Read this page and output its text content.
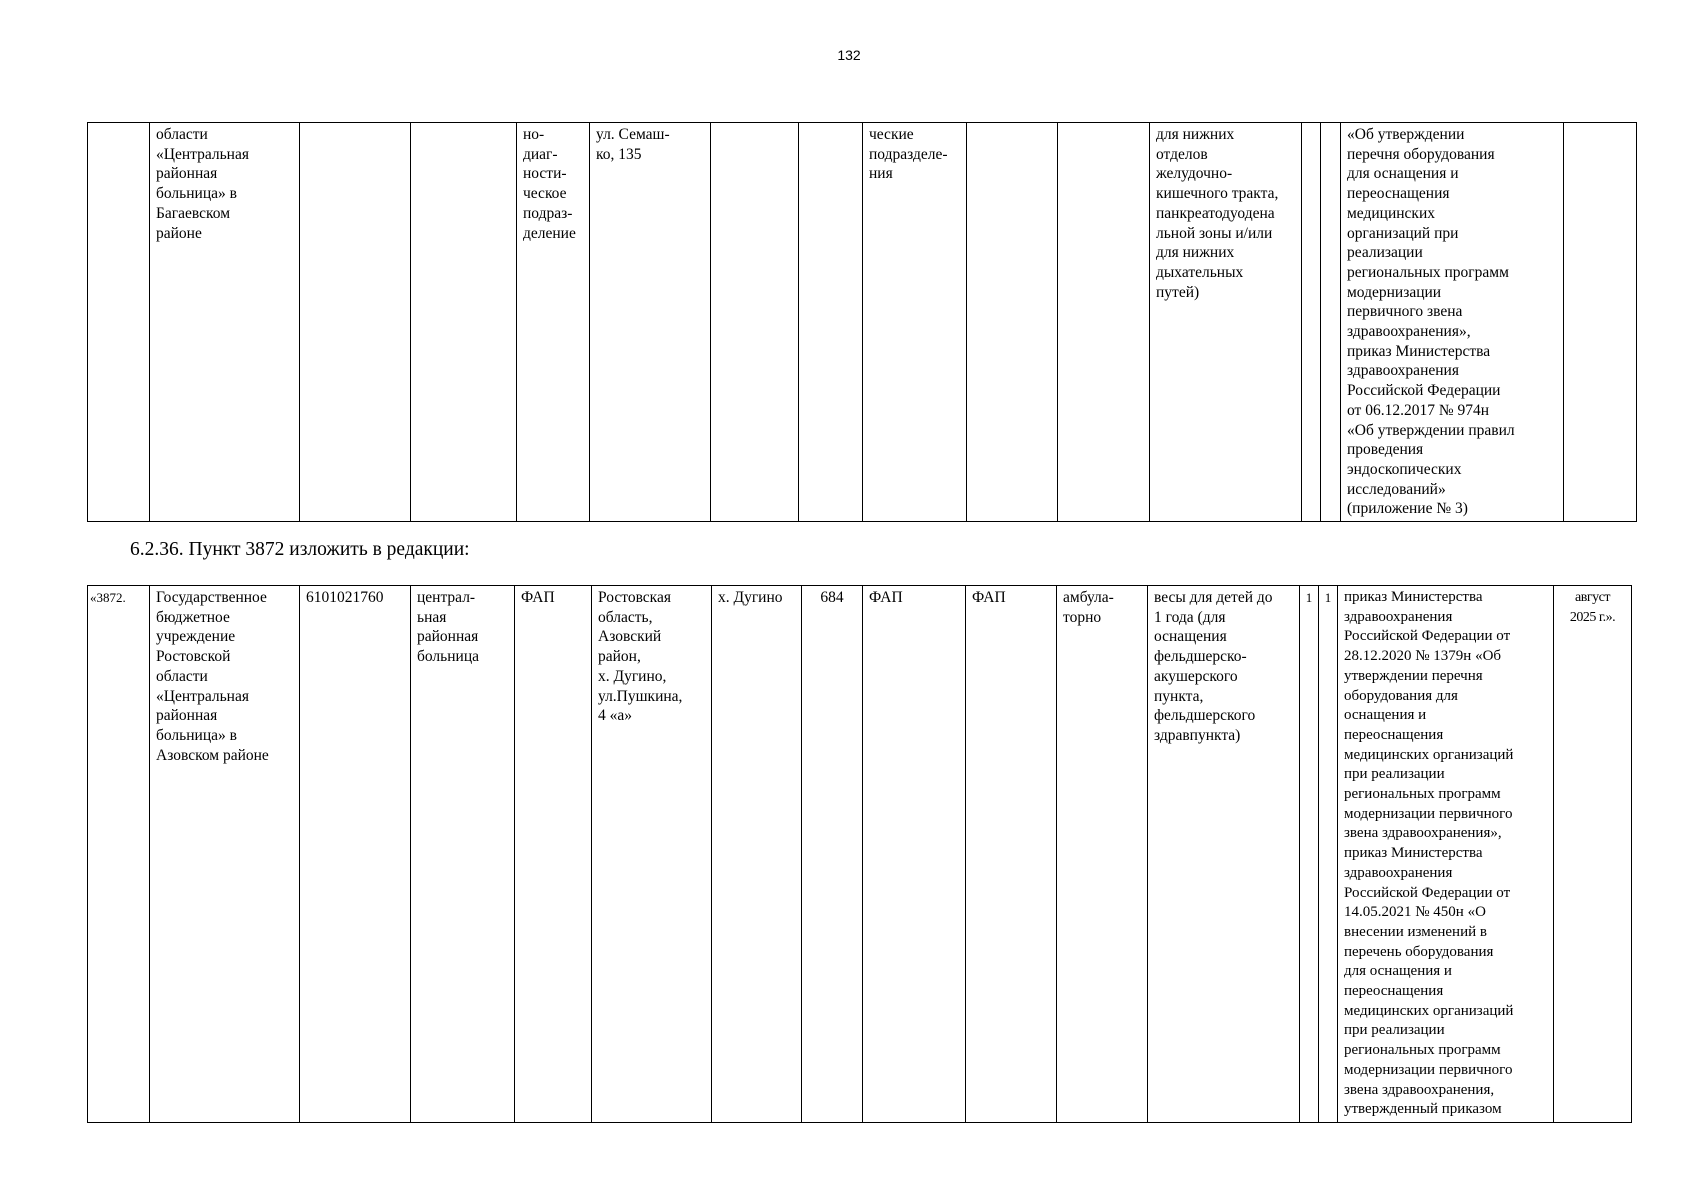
132
	области
«Центральная
районная
больница» в
Багаевском
районе			но-
диаг-
ности-
ческое
подраз-
деление	ул. Семаш-
ко, 135			ческие
подразделе-
ния			для нижних
отделов
желудочно-
кишечного тракта,
панкреатодуодена
льной зоны и/или
для нижних
дыхательных
путей)			«Об утверждении
перечня оборудования
для оснащения и
переоснащения
медицинских
организаций при
реализации
региональных программ
модернизации
первичного звена
здравоохранения»,
приказ Министерства
здравоохранения
Российской Федерации
от 06.12.2017 № 974н
«Об утверждении правил
проведения
эндоскопических
исследований»
(приложение № 3)	
6.2.36. Пункт 3872 изложить в редакции:
«3872.	Государственное
бюджетное
учреждение
Ростовской
области
«Центральная
районная
больница» в
Азовском районе	6101021760	централ-
ьная
районная
больница	ФАП	Ростовская
область,
Азовский
район,
х. Дугино,
ул.Пушкина,
4 «а»	х. Дугино	684	ФАП	ФАП	амбула-
торно	весы для детей до
1 года (для
оснащения
фельдшерско-
акушерского
пункта,
фельдшерского
здравпункта)	1	1	приказ Министерства
здравоохранения
Российской Федерации от
28.12.2020 № 1379н «Об
утверждении перечня
оборудования для
оснащения и
переоснащения
медицинских организаций
при реализации
региональных программ
модернизации первичного
звена здравоохранения»,
приказ Министерства
здравоохранения
Российской Федерации от
14.05.2021 № 450н «О
внесении изменений в
перечень оборудования
для оснащения и
переоснащения
медицинских организаций
при реализации
региональных программ
модернизации первичного
звена здравоохранения,
утвержденный приказом	август
2025 г.».
